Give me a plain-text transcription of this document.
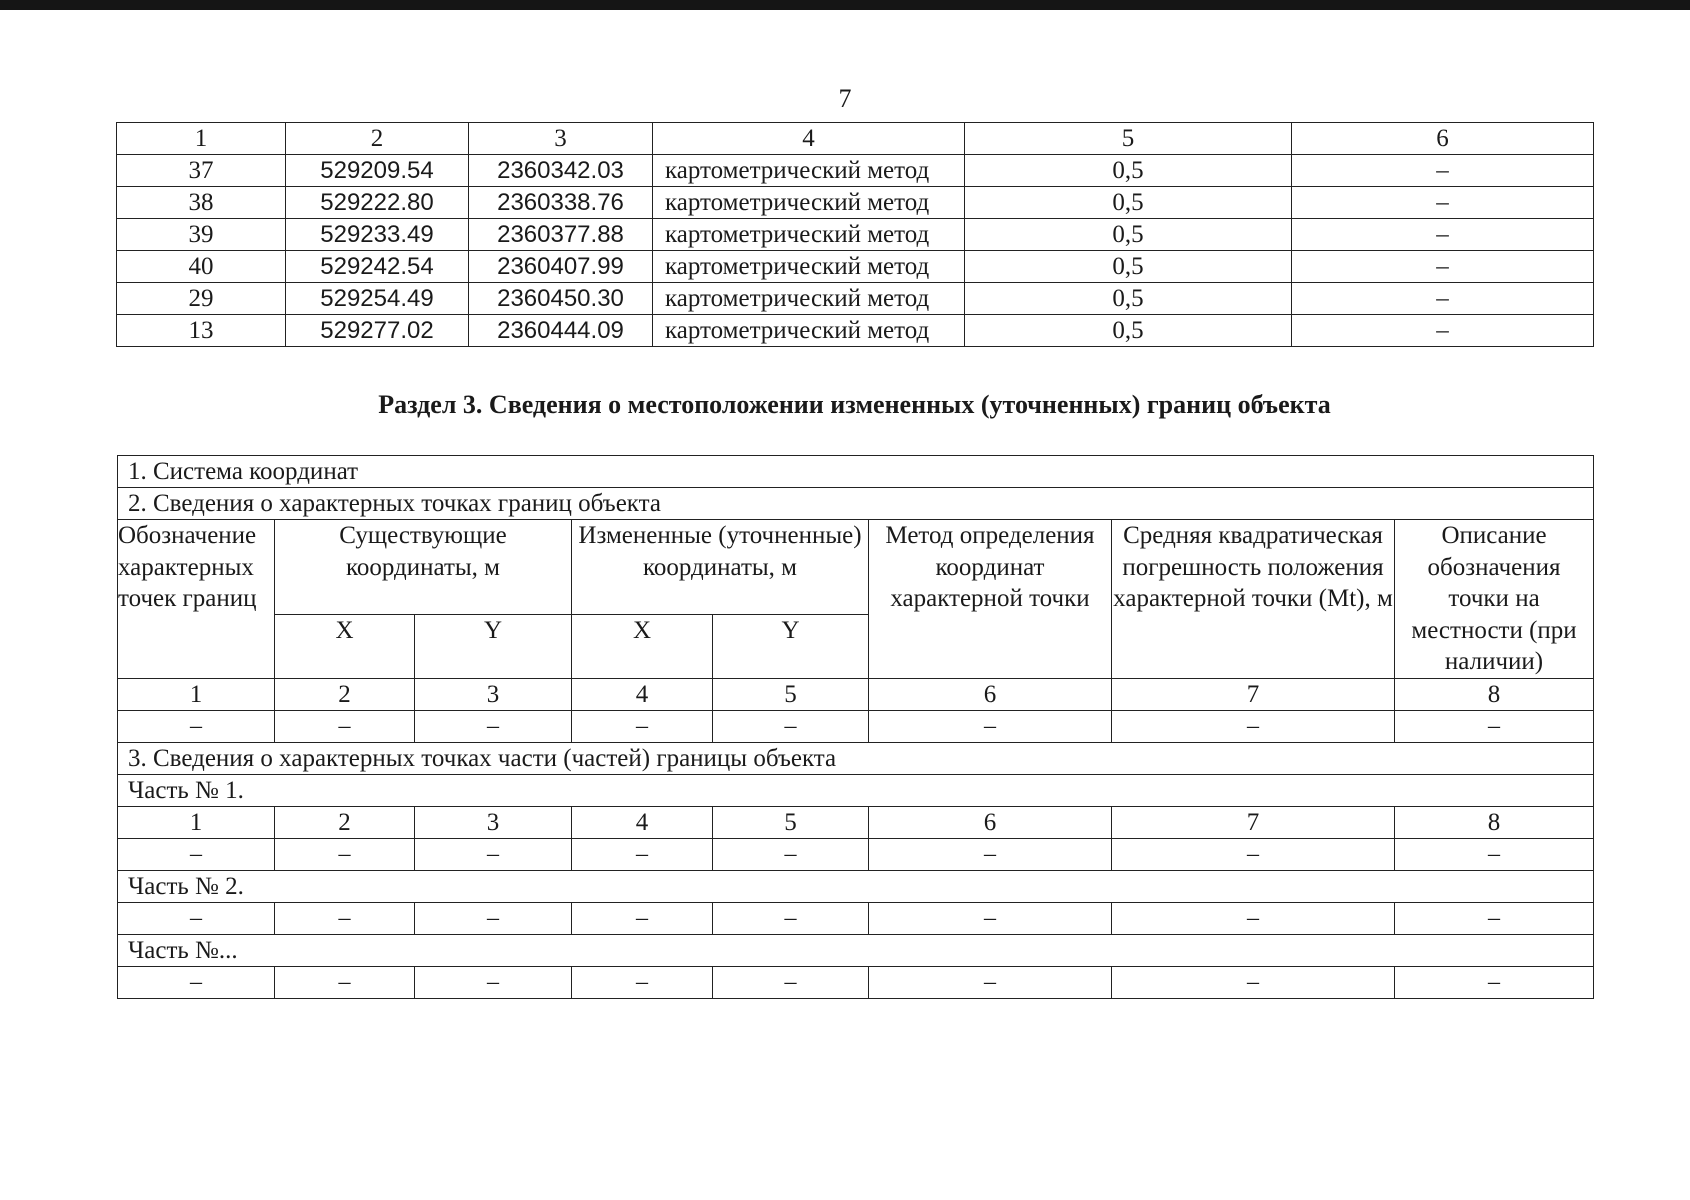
7
1	2	3	4	5	6
37	529209.54	2360342.03	картометрический метод	0,5	–
38	529222.80	2360338.76	картометрический метод	0,5	–
39	529233.49	2360377.88	картометрический метод	0,5	–
40	529242.54	2360407.99	картометрический метод	0,5	–
29	529254.49	2360450.30	картометрический метод	0,5	–
13	529277.02	2360444.09	картометрический метод	0,5	–
Раздел 3. Сведения о местоположении измененных (уточненных) границ объекта
1. Система координат							
2. Сведения о характерных точках границ объекта							
Обозначение характерных точек границ	Существующие координаты, м		Измененные (уточненные) координаты, м		Метод определения координат характерной точки	Средняя квадратическая погрешность положения характерной точки (Mt), м	Описание обозначения точки на местности (при наличии)
	X	Y	X	Y			
1	2	3	4	5	6	7	8
–	–	–	–	–	–	–	–
3. Сведения о характерных точках части (частей) границы объекта							
Часть № 1.							
1	2	3	4	5	6	7	8
–	–	–	–	–	–	–	–
Часть № 2.							
–	–	–	–	–	–	–	–
Часть №...							
–	–	–	–	–	–	–	–
